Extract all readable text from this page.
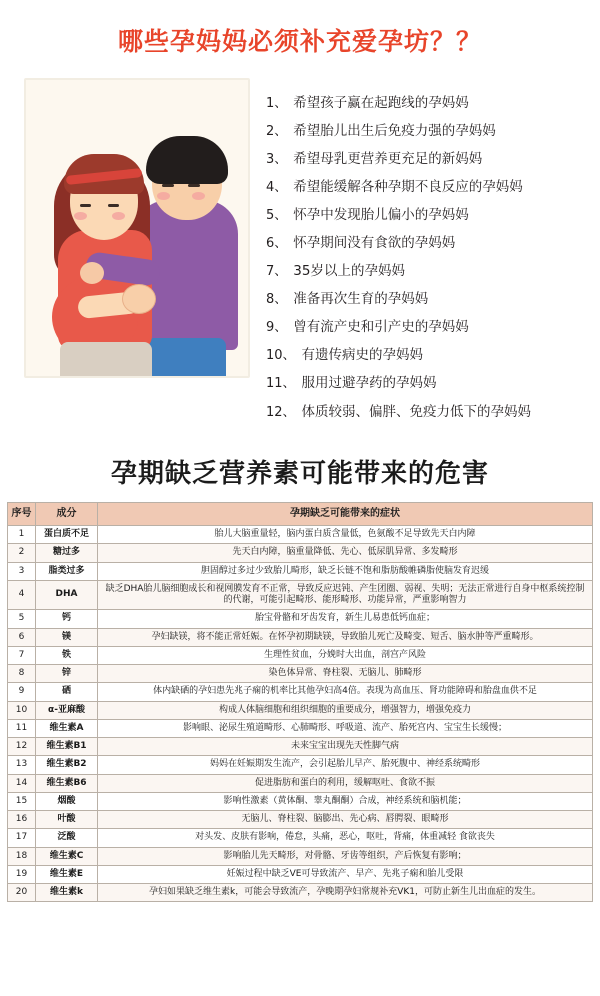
哪些孕妈妈必须补充爱孕坊？？
1、 希望孩子赢在起跑线的孕妈妈
2、 希望胎儿出生后免疫力强的孕妈妈
3、 希望母乳更营养更充足的新妈妈
4、 希望能缓解各种孕期不良反应的孕妈妈
5、 怀孕中发现胎儿偏小的孕妈妈
6、 怀孕期间没有食欲的孕妈妈
7、 35岁以上的孕妈妈
8、 准备再次生育的孕妈妈
9、 曾有流产史和引产史的孕妈妈
10、 有遗传病史的孕妈妈
11、 服用过避孕药的孕妈妈
12、 体质较弱、偏胖、免疫力低下的孕妈妈
孕期缺乏营养素可能带来的危害
序号	成分	孕期缺乏可能带来的症状
1	蛋白质不足	胎儿大脑重量轻，脑内蛋白质含量低，色氨酸不足导致先天白内障
2	糖过多	先天白内障，脑重量降低、先心、低尿肌异常、多发畸形
3	脂类过多	胆固醇过多过少致胎儿畸形，缺乏长链不饱和脂肪酸帷磷脂使脑发育迟缓
4	DHA	缺乏DHA胎儿脑细胞成长和视网膜发育不正常，导致反应迟钝、产生团圈、弱视、失明；无法正常进行自身中枢系统控制的代谢，可能引起畸形、能形畸形、功能异常，严重影响智力
5	钙	胎宝骨骼和牙齿发育，新生儿易患低钙血症；
6	镁	孕妇缺镁，将不能正常妊娠。在怀孕初期缺镁，导致胎儿死亡及畸变、短舌、脑水肿等严重畸形。
7	铁	生理性贫血，分娩时大出血，剖宫产风险
8	锌	染色体异常、脊柱裂、无脑儿、肺畸形
9	硒	体内缺硒的孕妇患先兆子痫的机率比其他孕妇高4倍。表现为高血压、肾功能障碍和胎盘血供不足
10	α-亚麻酸	构成人体脑细胞和组织细胞的重要成分，增强智力，增强免疫力
11	维生素A	影响眼、泌尿生殖道畸形、心肺畸形、呼吸道、流产、胎死宫内、宝宝生长缓慢；
12	维生素B1	未来宝宝出现先天性脚气病
13	维生素B2	妈妈在妊娠期发生流产，会引起胎儿早产、胎死腹中、神经系统畸形
14	维生素B6	促进脂肪和蛋白的利用，缓解呕吐、食欲不振
15	烟酸	影响性激素（黄体酮、睾丸酮酮）合成，神经系统和脑机能；
16	叶酸	无脑儿、脊柱裂、脑膨出、先心病、唇腭裂、眼畸形
17	泛酸	对头发、皮肤有影响，倦怠，头痛，恶心，呕吐，背痛，体重减轻 食欲丧失
18	维生素C	影响胎儿先天畸形，对骨骼、牙齿等组织，产后恢复有影响；
19	维生素E	妊娠过程中缺乏VE可导致流产、早产、先兆子痫和胎儿受限
20	维生素k	孕妇如果缺乏维生素k，可能会导致流产，孕晚期孕妇常规补充VK1，可防止新生儿出血症的发生。
